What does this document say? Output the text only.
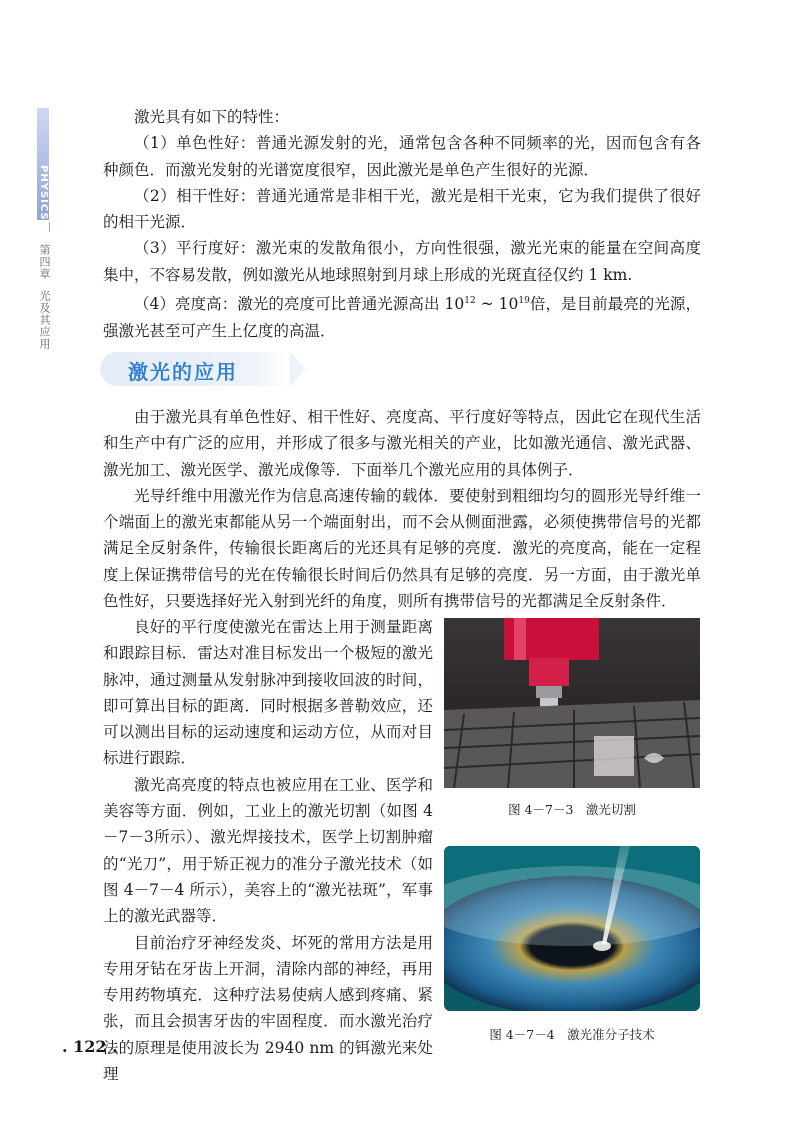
PHYSICS
第四章
光及其应用

激光具有如下的特性：

（1）单色性好：普通光源发射的光，通常包含各种不同频率的光，因而包含有各种颜色．而激光发射的光谱宽度很窄，因此激光是单色产生很好的光源．

（2）相干性好：普通光通常是非相干光，激光是相干光束，它为我们提供了很好的相干光源．

（3）平行度好：激光束的发散角很小，方向性很强，激光光束的能量在空间高度集中，不容易发散，例如激光从地球照射到月球上形成的光斑直径仅约 1 km.

（4）亮度高：激光的亮度可比普通光源高出 $10^{12}$ ~ $10^{19}$倍，是目前最亮的光源，强激光甚至可产生上亿度的高温．

激光的应用

由于激光具有单色性好、相干性好、亮度高、平行度好等特点，因此它在现代生活和生产中有广泛的应用，并形成了很多与激光相关的产业，比如激光通信、激光武器、激光加工、激光医学、激光成像等．下面举几个激光应用的具体例子．

光导纤维中用激光作为信息高速传输的载体．要使射到粗细均匀的圆形光导纤维一个端面上的激光束都能从另一个端面射出，而不会从侧面泄露，必须使携带信号的光都满足全反射条件，传输很长距离后的光还具有足够的亮度．激光的亮度高，能在一定程度上保证携带信号的光在传输很长时间后仍然具有足够的亮度．另一方面，由于激光单色性好，只要选择好光入射到光纤的角度，则所有携带信号的光都满足全反射条件．

良好的平行度使激光在雷达上用于测量距离和跟踪目标．雷达对准目标发出一个极短的激光脉冲，通过测量从发射脉冲到接收回波的时间，即可算出目标的距离．同时根据多普勒效应，还可以测出目标的运动速度和运动方位，从而对目标进行跟踪．

激光高亮度的特点也被应用在工业、医学和美容等方面．例如，工业上的激光切割（如图 4－7－3所示）、激光焊接技术，医学上切割肿瘤的“光刀”，用于矫正视力的准分子激光技术（如图 4－7－4 所示），美容上的“激光祛斑”，军事上的激光武器等．

目前治疗牙神经发炎、坏死的常用方法是用专用牙钻在牙齿上开洞，清除内部的神经，再用专用药物填充．这种疗法易使病人感到疼痛、紧张，而且会损害牙齿的牢固程度．而水激光治疗法的原理是使用波长为 2940 nm 的铒激光来处理

图 4－7－3　激光切割
图 4－7－4　激光准分子技术
. 122 .
